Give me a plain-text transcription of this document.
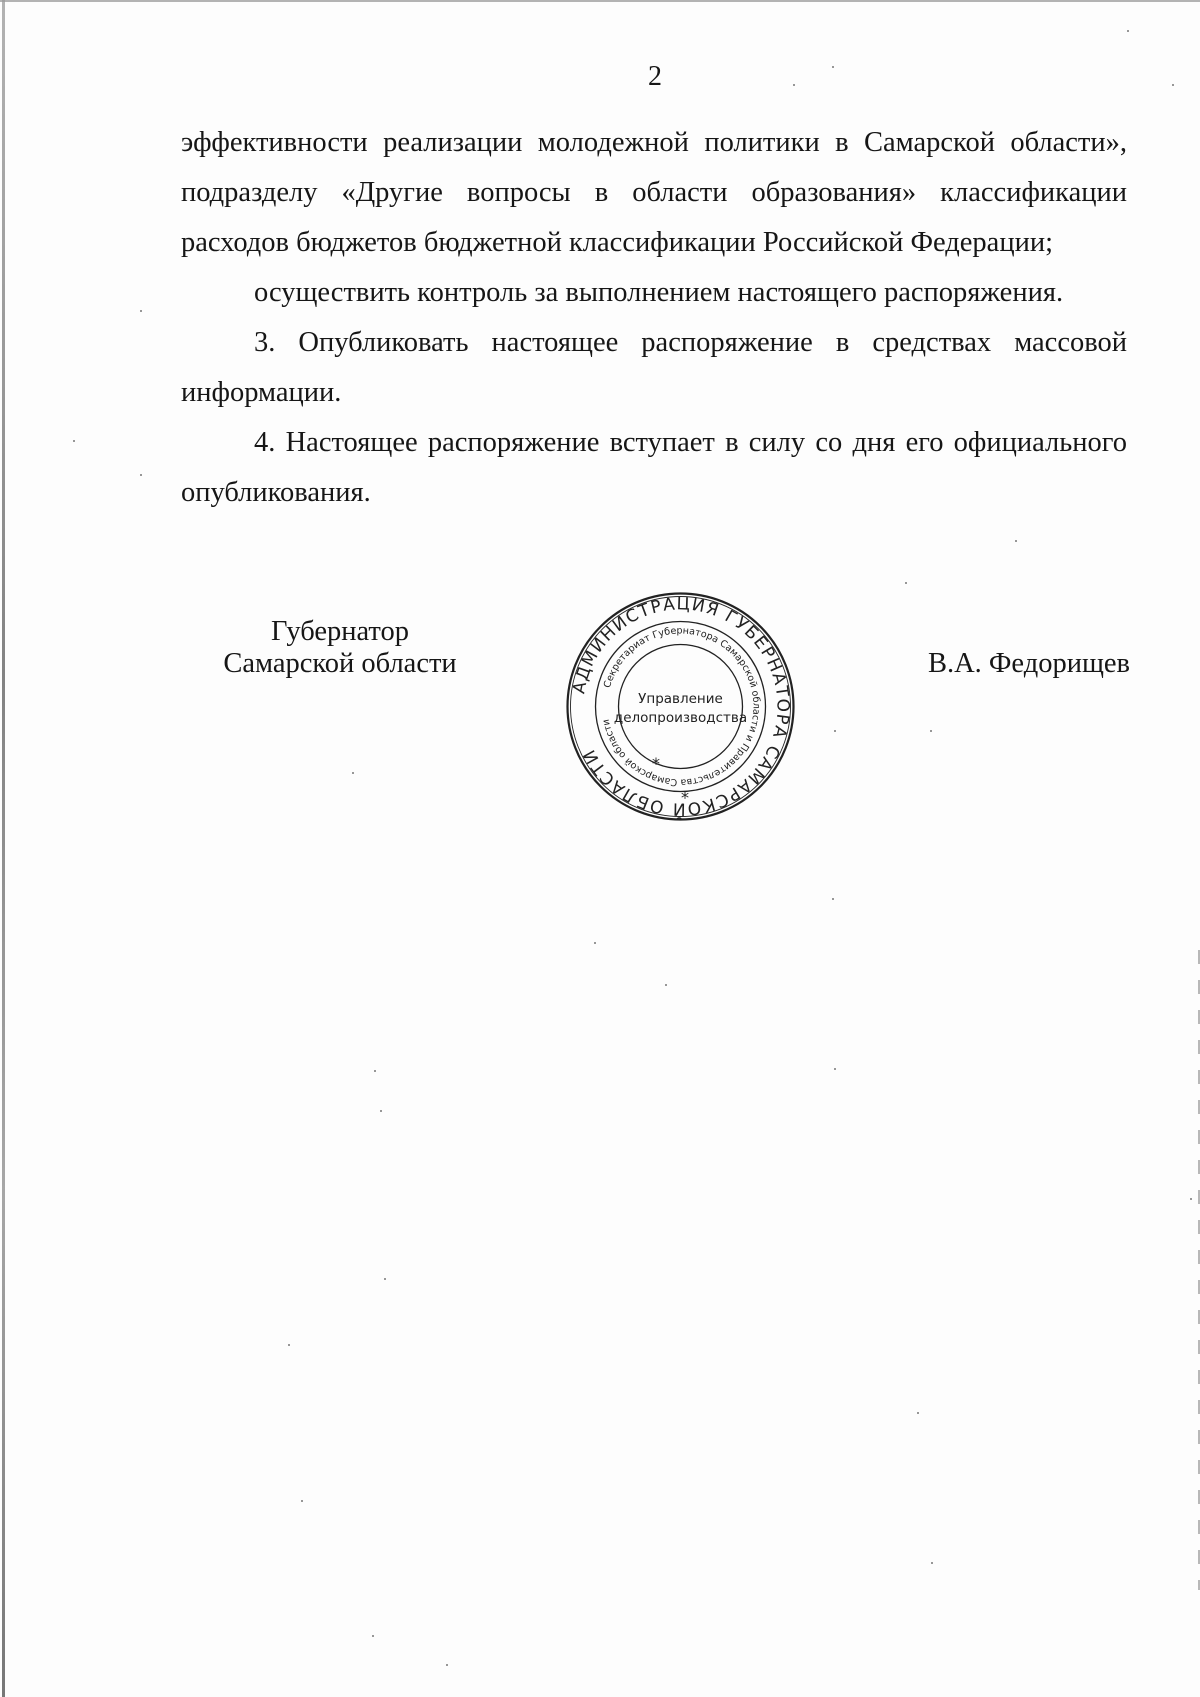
2
эффективности реализации молодежной политики в Самарской области»,
подразделу «Другие вопросы в области образования» классификации
расходов бюджетов бюджетной классификации Российской Федерации;
осуществить контроль за выполнением настоящего распоряжения.
3. Опубликовать настоящее распоряжение в средствах массовой
информации.
4. Настоящее распоряжение вступает в силу со дня его официального
опубликования.
Губернатор
Самарской области
АДМИНИСТРАЦИЯ ГУБЕРНАТОРА САМАРСКОЙ ОБЛАСТИ
Секретариат Губернатора Самарской области и Правительства Самарской области
Управление
делопроизводства
*
*
В.А. Федорищев
